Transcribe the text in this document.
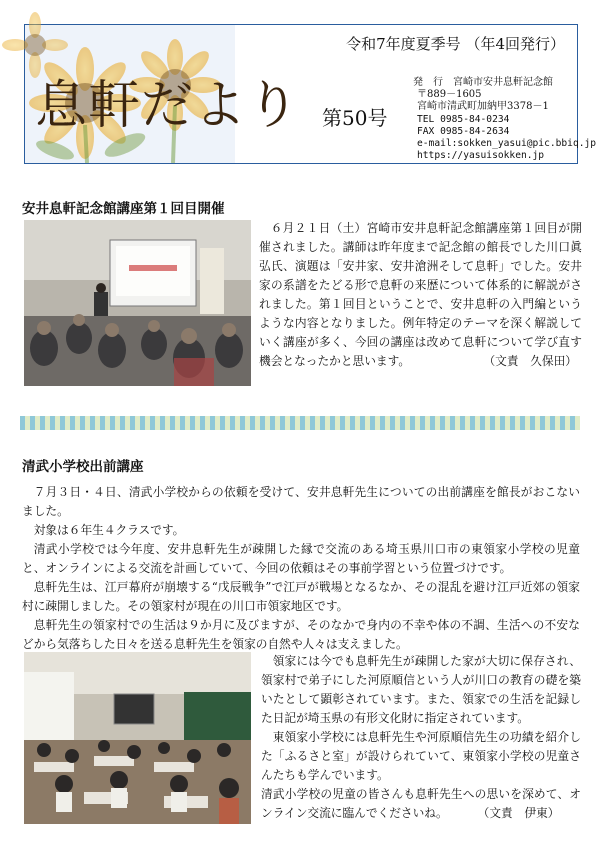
令和7年度夏季号 （年4回発行）
息軒だより 第50号
発　行　宮崎市安井息軒記念館
〒889－1605
宮崎市清武町加納甲3378－1
TEL 0985-84-0234
FAX 0985-84-2634
e-mail:sokken_yasui@pic.bbiq.jp
https://yasuisokken.jp
安井息軒記念館講座第１回目開催
６月２１日（土）宮崎市安井息軒記念館講座第１回目が開催されました。講師は昨年度まで記念館の館長でした川口眞弘氏、演題は「安井家、安井滄洲そして息軒」でした。安井家の系譜をたどる形で息軒の来歴について体系的に解説がされました。第１回目ということで、安井息軒の入門編というような内容となりました。例年特定のテーマを深く解説していく講座が多く、今回の講座は改めて息軒について学び直す機会となったかと思います。	（文責　久保田）
清武小学校出前講座

７月３日・４日、清武小学校からの依頼を受けて、安井息軒先生についての出前講座を館長がおこないました。

対象は６年生４クラスです。

清武小学校では今年度、安井息軒先生が疎開した縁で交流のある埼玉県川口市の東領家小学校の児童と、オンラインによる交流を計画していて、今回の依頼はその事前学習という位置づけです。

息軒先生は、江戸幕府が崩壊する“戊辰戦争”で江戸が戦場となるなか、その混乱を避け江戸近郊の領家村に疎開しました。その領家村が現在の川口市領家地区です。

息軒先生の領家村での生活は９か月に及びますが、そのなかで身内の不幸や体の不調、生活への不安などから気落ちした日々を送る息軒先生を領家の自然や人々は支えました。

領家には今でも息軒先生が疎開した家が大切に保存され、領家村で弟子にした河原順信という人が川口の教育の礎を築いたとして顕彰されています。また、領家での生活を記録した日記が埼玉県の有形文化財に指定されています。

東領家小学校には息軒先生や河原順信先生の功績を紹介した「ふるさと室」が設けられていて、東領家小学校の児童さんたちも学んでいます。

清武小学校の児童の皆さんも息軒先生への思いを深めて、オンライン交流に臨んでくださいね。	（文責　伊東）
